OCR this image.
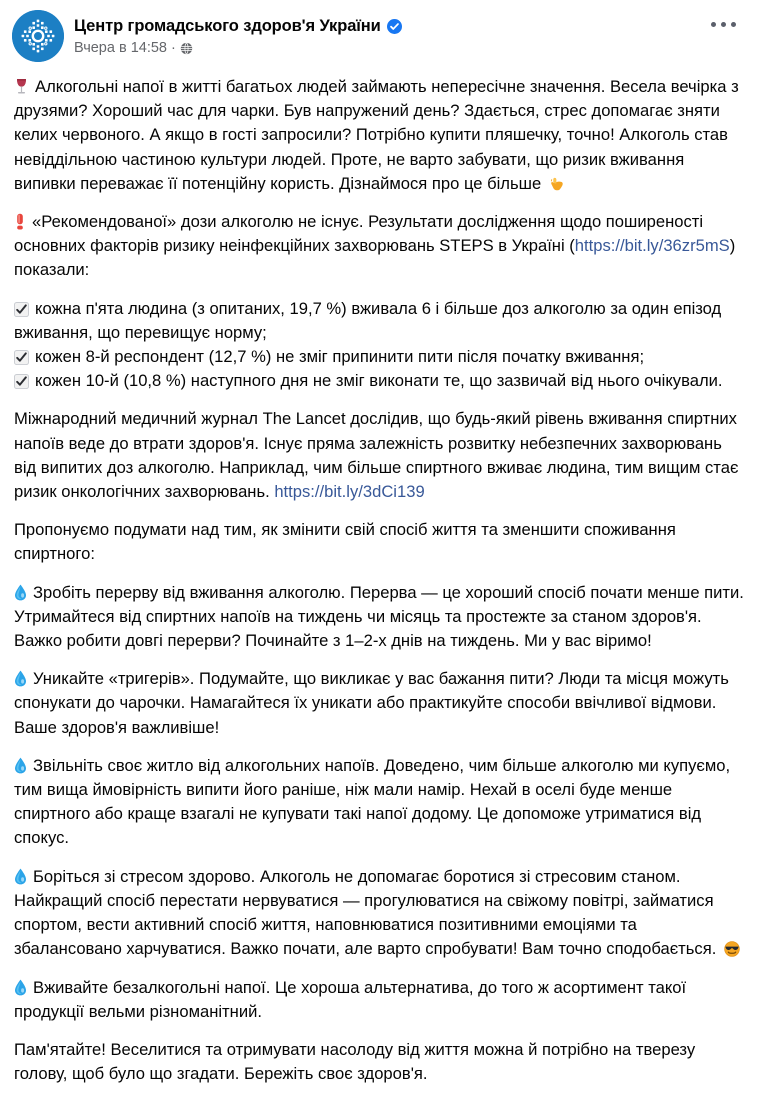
Центр громадського здоров'я України
Вчера в 14:58 ·

Алкогольні напої в житті багатьох людей займають непересічне значення. Весела вечірка з друзями? Хороший час для чарки. Був напружений день? Здається, стрес допомагає зняти келих червоного. А якщо в гості запросили? Потрібно купити пляшечку, точно! Алкоголь став невіддільною частиною культури людей. Проте, не варто забувати, що ризик вживання випивки переважає її потенційну користь. Дізнаймося про це більше

«Рекомендованої» дози алкоголю не існує. Результати дослідження щодо поширеності основних факторів ризику неінфекційних захворювань STEPS в Україні (https://bit.ly/36zr5mS) показали:

кожна п'ята людина (з опитаних, 19,7 %) вживала 6 і більше доз алкоголю за один епізод вживання, що перевищує норму;

кожен 8-й респондент (12,7 %) не зміг припинити пити після початку вживання;

кожен 10-й (10,8 %) наступного дня не зміг виконати те, що зазвичай від нього очікували.

Міжнародний медичний журнал The Lancet дослідив, що будь-який рівень вживання спиртних напоїв веде до втрати здоров'я. Існує пряма залежність розвитку небезпечних захворювань від випитих доз алкоголю. Наприклад, чим більше спиртного вживає людина, тим вищим стає ризик онкологічних захворювань. https://bit.ly/3dCi139

Пропонуємо подумати над тим, як змінити свій спосіб життя та зменшити споживання спиртного:

Зробіть перерву від вживання алкоголю. Перерва — це хороший спосіб почати менше пити. Утримайтеся від спиртних напоїв на тиждень чи місяць та простежте за станом здоров'я. Важко робити довгі перерви? Починайте з 1–2-х днів на тиждень. Ми у вас віримо!

Уникайте «тригерів». Подумайте, що викликає у вас бажання пити? Люди та місця можуть спонукати до чарочки. Намагайтеся їх уникати або практикуйте способи ввічливої відмови. Ваше здоров'я важливіше!

Звільніть своє житло від алкогольних напоїв. Доведено, чим більше алкоголю ми купуємо, тим вища ймовірність випити його раніше, ніж мали намір. Нехай в оселі буде менше спиртного або краще взагалі не купувати такі напої додому. Це допоможе утриматися від спокус.

Боріться зі стресом здорово. Алкоголь не допомагає боротися зі стресовим станом. Найкращий спосіб перестати нервуватися — прогулюватися на свіжому повітрі, займатися спортом, вести активний спосіб життя, наповнюватися позитивними емоціями та збалансовано харчуватися. Важко почати, але варто спробувати! Вам точно сподобається.

Вживайте безалкогольні напої. Це хороша альтернатива, до того ж асортимент такої продукції вельми різноманітний.

Пам'ятайте! Веселитися та отримувати насолоду від життя можна й потрібно на тверезу голову, щоб було що згадати. Бережіть своє здоров'я.
